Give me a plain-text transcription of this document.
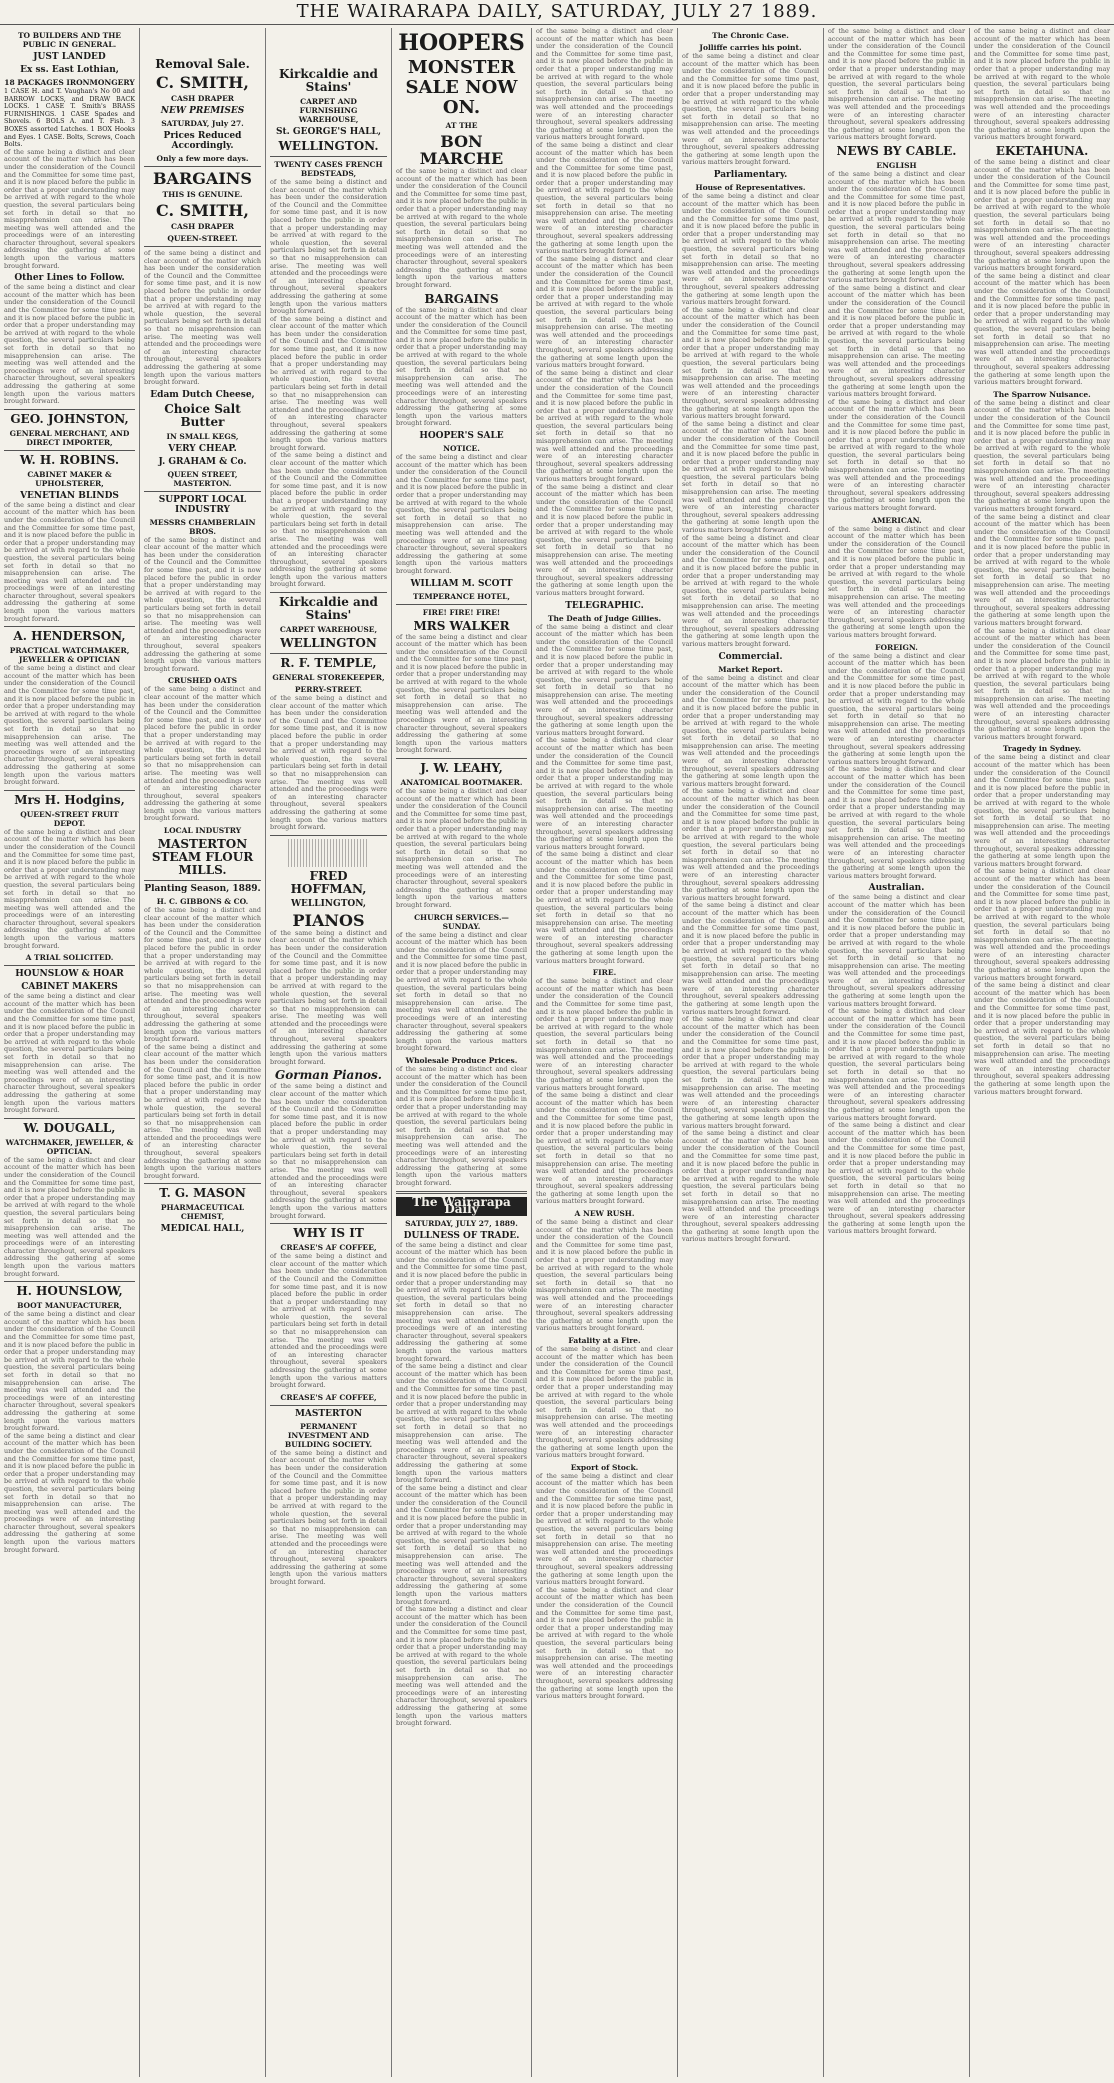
THE WAIRARAPA DAILY, SATURDAY, JULY 27 1889.
TO BUILDERS AND THE PUBLIC IN GENERAL.
JUST LANDED
Ex ss. East Lothian,
18 PACKAGES IRONMONGERY
1 CASE H. and T. Vaughan's No 00 and BARROW LOCKS, and DRAW BACK LOCKS. 1 CASE T. Smith's BRASS FURNISHINGS. 1 CASE Spades and Shovels. 6 BOLS A. and T. Fish. 3 BOXES assorted Latches. 1 BOX Hooks and Eyes. 1 CASE. Bolts, Screws, Coach Bolts.
of the same being a distinct and clear account of the matter which has been under the consideration of the Council and the Committee for some time past, and it is now placed before the public in order that a proper understanding may be arrived at with regard to the whole question, the several particulars being set forth in detail so that no misapprehension can arise. The meeting was well attended and the proceedings were of an interesting character throughout, several speakers addressing the gathering at some length upon the various matters brought forward.
Other Lines to Follow.
of the same being a distinct and clear account of the matter which has been under the consideration of the Council and the Committee for some time past, and it is now placed before the public in order that a proper understanding may be arrived at with regard to the whole question, the several particulars being set forth in detail so that no misapprehension can arise. The meeting was well attended and the proceedings were of an interesting character throughout, several speakers addressing the gathering at some length upon the various matters brought forward.
GEO. JOHNSTON,
GENERAL MERCHANT, AND DIRECT IMPORTER,
W. H. ROBINS.
CABINET MAKER & UPHOLSTERER,
VENETIAN BLINDS
of the same being a distinct and clear account of the matter which has been under the consideration of the Council and the Committee for some time past, and it is now placed before the public in order that a proper understanding may be arrived at with regard to the whole question, the several particulars being set forth in detail so that no misapprehension can arise. The meeting was well attended and the proceedings were of an interesting character throughout, several speakers addressing the gathering at some length upon the various matters brought forward.
A. HENDERSON,
PRACTICAL WATCHMAKER, JEWELLER & OPTICIAN
of the same being a distinct and clear account of the matter which has been under the consideration of the Council and the Committee for some time past, and it is now placed before the public in order that a proper understanding may be arrived at with regard to the whole question, the several particulars being set forth in detail so that no misapprehension can arise. The meeting was well attended and the proceedings were of an interesting character throughout, several speakers addressing the gathering at some length upon the various matters brought forward.
Mrs H. Hodgins,
QUEEN-STREET FRUIT DEPOT.
of the same being a distinct and clear account of the matter which has been under the consideration of the Council and the Committee for some time past, and it is now placed before the public in order that a proper understanding may be arrived at with regard to the whole question, the several particulars being set forth in detail so that no misapprehension can arise. The meeting was well attended and the proceedings were of an interesting character throughout, several speakers addressing the gathering at some length upon the various matters brought forward.
A TRIAL SOLICITED.
HOUNSLOW & HOAR
CABINET MAKERS
of the same being a distinct and clear account of the matter which has been under the consideration of the Council and the Committee for some time past, and it is now placed before the public in order that a proper understanding may be arrived at with regard to the whole question, the several particulars being set forth in detail so that no misapprehension can arise. The meeting was well attended and the proceedings were of an interesting character throughout, several speakers addressing the gathering at some length upon the various matters brought forward.
W. DOUGALL,
WATCHMAKER, JEWELLER, & OPTICIAN.
of the same being a distinct and clear account of the matter which has been under the consideration of the Council and the Committee for some time past, and it is now placed before the public in order that a proper understanding may be arrived at with regard to the whole question, the several particulars being set forth in detail so that no misapprehension can arise. The meeting was well attended and the proceedings were of an interesting character throughout, several speakers addressing the gathering at some length upon the various matters brought forward.
H. HOUNSLOW,
BOOT MANUFACTURER,
of the same being a distinct and clear account of the matter which has been under the consideration of the Council and the Committee for some time past, and it is now placed before the public in order that a proper understanding may be arrived at with regard to the whole question, the several particulars being set forth in detail so that no misapprehension can arise. The meeting was well attended and the proceedings were of an interesting character throughout, several speakers addressing the gathering at some length upon the various matters brought forward.
of the same being a distinct and clear account of the matter which has been under the consideration of the Council and the Committee for some time past, and it is now placed before the public in order that a proper understanding may be arrived at with regard to the whole question, the several particulars being set forth in detail so that no misapprehension can arise. The meeting was well attended and the proceedings were of an interesting character throughout, several speakers addressing the gathering at some length upon the various matters brought forward.
Removal Sale.
C. SMITH,
CASH DRAPER
NEW PREMISES
SATURDAY, July 27.
Prices Reduced Accordingly.
Only a few more days.
BARGAINS
THIS IS GENUINE.
C. SMITH,
CASH DRAPER
QUEEN-STREET.
of the same being a distinct and clear account of the matter which has been under the consideration of the Council and the Committee for some time past, and it is now placed before the public in order that a proper understanding may be arrived at with regard to the whole question, the several particulars being set forth in detail so that no misapprehension can arise. The meeting was well attended and the proceedings were of an interesting character throughout, several speakers addressing the gathering at some length upon the various matters brought forward.
Edam Dutch Cheese,
Choice Salt Butter
IN SMALL KEGS,
VERY CHEAP.
J. GRAHAM & Co.
QUEEN STREET, MASTERTON.
SUPPORT LOCAL INDUSTRY
MESSRS CHAMBERLAIN BROS.
of the same being a distinct and clear account of the matter which has been under the consideration of the Council and the Committee for some time past, and it is now placed before the public in order that a proper understanding may be arrived at with regard to the whole question, the several particulars being set forth in detail so that no misapprehension can arise. The meeting was well attended and the proceedings were of an interesting character throughout, several speakers addressing the gathering at some length upon the various matters brought forward.
CRUSHED OATS
of the same being a distinct and clear account of the matter which has been under the consideration of the Council and the Committee for some time past, and it is now placed before the public in order that a proper understanding may be arrived at with regard to the whole question, the several particulars being set forth in detail so that no misapprehension can arise. The meeting was well attended and the proceedings were of an interesting character throughout, several speakers addressing the gathering at some length upon the various matters brought forward.
LOCAL INDUSTRY
MASTERTON STEAM FLOUR MILLS.
Planting Season, 1889.
H. C. GIBBONS & CO.
of the same being a distinct and clear account of the matter which has been under the consideration of the Council and the Committee for some time past, and it is now placed before the public in order that a proper understanding may be arrived at with regard to the whole question, the several particulars being set forth in detail so that no misapprehension can arise. The meeting was well attended and the proceedings were of an interesting character throughout, several speakers addressing the gathering at some length upon the various matters brought forward.
of the same being a distinct and clear account of the matter which has been under the consideration of the Council and the Committee for some time past, and it is now placed before the public in order that a proper understanding may be arrived at with regard to the whole question, the several particulars being set forth in detail so that no misapprehension can arise. The meeting was well attended and the proceedings were of an interesting character throughout, several speakers addressing the gathering at some length upon the various matters brought forward.
T. G. MASON
PHARMACEUTICAL CHEMIST,
MEDICAL HALL,
Kirkcaldie and Stains'
CARPET AND FURNISHING WAREHOUSE,
St. GEORGE'S HALL,
WELLINGTON.
TWENTY CASES FRENCH BEDSTEADS,
of the same being a distinct and clear account of the matter which has been under the consideration of the Council and the Committee for some time past, and it is now placed before the public in order that a proper understanding may be arrived at with regard to the whole question, the several particulars being set forth in detail so that no misapprehension can arise. The meeting was well attended and the proceedings were of an interesting character throughout, several speakers addressing the gathering at some length upon the various matters brought forward.
of the same being a distinct and clear account of the matter which has been under the consideration of the Council and the Committee for some time past, and it is now placed before the public in order that a proper understanding may be arrived at with regard to the whole question, the several particulars being set forth in detail so that no misapprehension can arise. The meeting was well attended and the proceedings were of an interesting character throughout, several speakers addressing the gathering at some length upon the various matters brought forward.
of the same being a distinct and clear account of the matter which has been under the consideration of the Council and the Committee for some time past, and it is now placed before the public in order that a proper understanding may be arrived at with regard to the whole question, the several particulars being set forth in detail so that no misapprehension can arise. The meeting was well attended and the proceedings were of an interesting character throughout, several speakers addressing the gathering at some length upon the various matters brought forward.
Kirkcaldie and Stains'
CARPET WAREHOUSE,
WELLINGTON
R. F. TEMPLE,
GENERAL STOREKEEPER,
PERRY-STREET.
of the same being a distinct and clear account of the matter which has been under the consideration of the Council and the Committee for some time past, and it is now placed before the public in order that a proper understanding may be arrived at with regard to the whole question, the several particulars being set forth in detail so that no misapprehension can arise. The meeting was well attended and the proceedings were of an interesting character throughout, several speakers addressing the gathering at some length upon the various matters brought forward.
FRED HOFFMAN,
WELLINGTON,
PIANOS
of the same being a distinct and clear account of the matter which has been under the consideration of the Council and the Committee for some time past, and it is now placed before the public in order that a proper understanding may be arrived at with regard to the whole question, the several particulars being set forth in detail so that no misapprehension can arise. The meeting was well attended and the proceedings were of an interesting character throughout, several speakers addressing the gathering at some length upon the various matters brought forward.
Gorman Pianos.
of the same being a distinct and clear account of the matter which has been under the consideration of the Council and the Committee for some time past, and it is now placed before the public in order that a proper understanding may be arrived at with regard to the whole question, the several particulars being set forth in detail so that no misapprehension can arise. The meeting was well attended and the proceedings were of an interesting character throughout, several speakers addressing the gathering at some length upon the various matters brought forward.
WHY IS IT
CREASE'S AF COFFEE,
of the same being a distinct and clear account of the matter which has been under the consideration of the Council and the Committee for some time past, and it is now placed before the public in order that a proper understanding may be arrived at with regard to the whole question, the several particulars being set forth in detail so that no misapprehension can arise. The meeting was well attended and the proceedings were of an interesting character throughout, several speakers addressing the gathering at some length upon the various matters brought forward.
CREASE'S AF COFFEE,
MASTERTON
PERMANENT INVESTMENT AND BUILDING SOCIETY.
of the same being a distinct and clear account of the matter which has been under the consideration of the Council and the Committee for some time past, and it is now placed before the public in order that a proper understanding may be arrived at with regard to the whole question, the several particulars being set forth in detail so that no misapprehension can arise. The meeting was well attended and the proceedings were of an interesting character throughout, several speakers addressing the gathering at some length upon the various matters brought forward.
HOOPERS
MONSTER SALE NOW ON.
AT THE
BON MARCHE
of the same being a distinct and clear account of the matter which has been under the consideration of the Council and the Committee for some time past, and it is now placed before the public in order that a proper understanding may be arrived at with regard to the whole question, the several particulars being set forth in detail so that no misapprehension can arise. The meeting was well attended and the proceedings were of an interesting character throughout, several speakers addressing the gathering at some length upon the various matters brought forward.
BARGAINS
of the same being a distinct and clear account of the matter which has been under the consideration of the Council and the Committee for some time past, and it is now placed before the public in order that a proper understanding may be arrived at with regard to the whole question, the several particulars being set forth in detail so that no misapprehension can arise. The meeting was well attended and the proceedings were of an interesting character throughout, several speakers addressing the gathering at some length upon the various matters brought forward.
HOOPER'S SALE
NOTICE.
of the same being a distinct and clear account of the matter which has been under the consideration of the Council and the Committee for some time past, and it is now placed before the public in order that a proper understanding may be arrived at with regard to the whole question, the several particulars being set forth in detail so that no misapprehension can arise. The meeting was well attended and the proceedings were of an interesting character throughout, several speakers addressing the gathering at some length upon the various matters brought forward.
WILLIAM M. SCOTT
TEMPERANCE HOTEL,
FIRE! FIRE! FIRE!
MRS WALKER
of the same being a distinct and clear account of the matter which has been under the consideration of the Council and the Committee for some time past, and it is now placed before the public in order that a proper understanding may be arrived at with regard to the whole question, the several particulars being set forth in detail so that no misapprehension can arise. The meeting was well attended and the proceedings were of an interesting character throughout, several speakers addressing the gathering at some length upon the various matters brought forward.
J. W. LEAHY,
ANATOMICAL BOOTMAKER.
of the same being a distinct and clear account of the matter which has been under the consideration of the Council and the Committee for some time past, and it is now placed before the public in order that a proper understanding may be arrived at with regard to the whole question, the several particulars being set forth in detail so that no misapprehension can arise. The meeting was well attended and the proceedings were of an interesting character throughout, several speakers addressing the gathering at some length upon the various matters brought forward.
CHURCH SERVICES.—SUNDAY.
of the same being a distinct and clear account of the matter which has been under the consideration of the Council and the Committee for some time past, and it is now placed before the public in order that a proper understanding may be arrived at with regard to the whole question, the several particulars being set forth in detail so that no misapprehension can arise. The meeting was well attended and the proceedings were of an interesting character throughout, several speakers addressing the gathering at some length upon the various matters brought forward.
Wholesale Produce Prices.
of the same being a distinct and clear account of the matter which has been under the consideration of the Council and the Committee for some time past, and it is now placed before the public in order that a proper understanding may be arrived at with regard to the whole question, the several particulars being set forth in detail so that no misapprehension can arise. The meeting was well attended and the proceedings were of an interesting character throughout, several speakers addressing the gathering at some length upon the various matters brought forward.
The Wairarapa Daily
SATURDAY, JULY 27, 1889.
DULLNESS OF TRADE.
of the same being a distinct and clear account of the matter which has been under the consideration of the Council and the Committee for some time past, and it is now placed before the public in order that a proper understanding may be arrived at with regard to the whole question, the several particulars being set forth in detail so that no misapprehension can arise. The meeting was well attended and the proceedings were of an interesting character throughout, several speakers addressing the gathering at some length upon the various matters brought forward.
of the same being a distinct and clear account of the matter which has been under the consideration of the Council and the Committee for some time past, and it is now placed before the public in order that a proper understanding may be arrived at with regard to the whole question, the several particulars being set forth in detail so that no misapprehension can arise. The meeting was well attended and the proceedings were of an interesting character throughout, several speakers addressing the gathering at some length upon the various matters brought forward.
of the same being a distinct and clear account of the matter which has been under the consideration of the Council and the Committee for some time past, and it is now placed before the public in order that a proper understanding may be arrived at with regard to the whole question, the several particulars being set forth in detail so that no misapprehension can arise. The meeting was well attended and the proceedings were of an interesting character throughout, several speakers addressing the gathering at some length upon the various matters brought forward.
of the same being a distinct and clear account of the matter which has been under the consideration of the Council and the Committee for some time past, and it is now placed before the public in order that a proper understanding may be arrived at with regard to the whole question, the several particulars being set forth in detail so that no misapprehension can arise. The meeting was well attended and the proceedings were of an interesting character throughout, several speakers addressing the gathering at some length upon the various matters brought forward.
of the same being a distinct and clear account of the matter which has been under the consideration of the Council and the Committee for some time past, and it is now placed before the public in order that a proper understanding may be arrived at with regard to the whole question, the several particulars being set forth in detail so that no misapprehension can arise. The meeting was well attended and the proceedings were of an interesting character throughout, several speakers addressing the gathering at some length upon the various matters brought forward.
of the same being a distinct and clear account of the matter which has been under the consideration of the Council and the Committee for some time past, and it is now placed before the public in order that a proper understanding may be arrived at with regard to the whole question, the several particulars being set forth in detail so that no misapprehension can arise. The meeting was well attended and the proceedings were of an interesting character throughout, several speakers addressing the gathering at some length upon the various matters brought forward.
of the same being a distinct and clear account of the matter which has been under the consideration of the Council and the Committee for some time past, and it is now placed before the public in order that a proper understanding may be arrived at with regard to the whole question, the several particulars being set forth in detail so that no misapprehension can arise. The meeting was well attended and the proceedings were of an interesting character throughout, several speakers addressing the gathering at some length upon the various matters brought forward.
of the same being a distinct and clear account of the matter which has been under the consideration of the Council and the Committee for some time past, and it is now placed before the public in order that a proper understanding may be arrived at with regard to the whole question, the several particulars being set forth in detail so that no misapprehension can arise. The meeting was well attended and the proceedings were of an interesting character throughout, several speakers addressing the gathering at some length upon the various matters brought forward.
of the same being a distinct and clear account of the matter which has been under the consideration of the Council and the Committee for some time past, and it is now placed before the public in order that a proper understanding may be arrived at with regard to the whole question, the several particulars being set forth in detail so that no misapprehension can arise. The meeting was well attended and the proceedings were of an interesting character throughout, several speakers addressing the gathering at some length upon the various matters brought forward.
TELEGRAPHIC.
The Death of Judge Gillies.
of the same being a distinct and clear account of the matter which has been under the consideration of the Council and the Committee for some time past, and it is now placed before the public in order that a proper understanding may be arrived at with regard to the whole question, the several particulars being set forth in detail so that no misapprehension can arise. The meeting was well attended and the proceedings were of an interesting character throughout, several speakers addressing the gathering at some length upon the various matters brought forward.
of the same being a distinct and clear account of the matter which has been under the consideration of the Council and the Committee for some time past, and it is now placed before the public in order that a proper understanding may be arrived at with regard to the whole question, the several particulars being set forth in detail so that no misapprehension can arise. The meeting was well attended and the proceedings were of an interesting character throughout, several speakers addressing the gathering at some length upon the various matters brought forward.
of the same being a distinct and clear account of the matter which has been under the consideration of the Council and the Committee for some time past, and it is now placed before the public in order that a proper understanding may be arrived at with regard to the whole question, the several particulars being set forth in detail so that no misapprehension can arise. The meeting was well attended and the proceedings were of an interesting character throughout, several speakers addressing the gathering at some length upon the various matters brought forward.
FIRE.
of the same being a distinct and clear account of the matter which has been under the consideration of the Council and the Committee for some time past, and it is now placed before the public in order that a proper understanding may be arrived at with regard to the whole question, the several particulars being set forth in detail so that no misapprehension can arise. The meeting was well attended and the proceedings were of an interesting character throughout, several speakers addressing the gathering at some length upon the various matters brought forward.
of the same being a distinct and clear account of the matter which has been under the consideration of the Council and the Committee for some time past, and it is now placed before the public in order that a proper understanding may be arrived at with regard to the whole question, the several particulars being set forth in detail so that no misapprehension can arise. The meeting was well attended and the proceedings were of an interesting character throughout, several speakers addressing the gathering at some length upon the various matters brought forward.
A NEW RUSH.
of the same being a distinct and clear account of the matter which has been under the consideration of the Council and the Committee for some time past, and it is now placed before the public in order that a proper understanding may be arrived at with regard to the whole question, the several particulars being set forth in detail so that no misapprehension can arise. The meeting was well attended and the proceedings were of an interesting character throughout, several speakers addressing the gathering at some length upon the various matters brought forward.
Fatality at a Fire.
of the same being a distinct and clear account of the matter which has been under the consideration of the Council and the Committee for some time past, and it is now placed before the public in order that a proper understanding may be arrived at with regard to the whole question, the several particulars being set forth in detail so that no misapprehension can arise. The meeting was well attended and the proceedings were of an interesting character throughout, several speakers addressing the gathering at some length upon the various matters brought forward.
Export of Stock.
of the same being a distinct and clear account of the matter which has been under the consideration of the Council and the Committee for some time past, and it is now placed before the public in order that a proper understanding may be arrived at with regard to the whole question, the several particulars being set forth in detail so that no misapprehension can arise. The meeting was well attended and the proceedings were of an interesting character throughout, several speakers addressing the gathering at some length upon the various matters brought forward.
of the same being a distinct and clear account of the matter which has been under the consideration of the Council and the Committee for some time past, and it is now placed before the public in order that a proper understanding may be arrived at with regard to the whole question, the several particulars being set forth in detail so that no misapprehension can arise. The meeting was well attended and the proceedings were of an interesting character throughout, several speakers addressing the gathering at some length upon the various matters brought forward.
The Chronic Case.
Jolliffe carries his point.
of the same being a distinct and clear account of the matter which has been under the consideration of the Council and the Committee for some time past, and it is now placed before the public in order that a proper understanding may be arrived at with regard to the whole question, the several particulars being set forth in detail so that no misapprehension can arise. The meeting was well attended and the proceedings were of an interesting character throughout, several speakers addressing the gathering at some length upon the various matters brought forward.
Parliamentary.
House of Representatives.
of the same being a distinct and clear account of the matter which has been under the consideration of the Council and the Committee for some time past, and it is now placed before the public in order that a proper understanding may be arrived at with regard to the whole question, the several particulars being set forth in detail so that no misapprehension can arise. The meeting was well attended and the proceedings were of an interesting character throughout, several speakers addressing the gathering at some length upon the various matters brought forward.
of the same being a distinct and clear account of the matter which has been under the consideration of the Council and the Committee for some time past, and it is now placed before the public in order that a proper understanding may be arrived at with regard to the whole question, the several particulars being set forth in detail so that no misapprehension can arise. The meeting was well attended and the proceedings were of an interesting character throughout, several speakers addressing the gathering at some length upon the various matters brought forward.
of the same being a distinct and clear account of the matter which has been under the consideration of the Council and the Committee for some time past, and it is now placed before the public in order that a proper understanding may be arrived at with regard to the whole question, the several particulars being set forth in detail so that no misapprehension can arise. The meeting was well attended and the proceedings were of an interesting character throughout, several speakers addressing the gathering at some length upon the various matters brought forward.
of the same being a distinct and clear account of the matter which has been under the consideration of the Council and the Committee for some time past, and it is now placed before the public in order that a proper understanding may be arrived at with regard to the whole question, the several particulars being set forth in detail so that no misapprehension can arise. The meeting was well attended and the proceedings were of an interesting character throughout, several speakers addressing the gathering at some length upon the various matters brought forward.
Commercial.
Market Report.
of the same being a distinct and clear account of the matter which has been under the consideration of the Council and the Committee for some time past, and it is now placed before the public in order that a proper understanding may be arrived at with regard to the whole question, the several particulars being set forth in detail so that no misapprehension can arise. The meeting was well attended and the proceedings were of an interesting character throughout, several speakers addressing the gathering at some length upon the various matters brought forward.
of the same being a distinct and clear account of the matter which has been under the consideration of the Council and the Committee for some time past, and it is now placed before the public in order that a proper understanding may be arrived at with regard to the whole question, the several particulars being set forth in detail so that no misapprehension can arise. The meeting was well attended and the proceedings were of an interesting character throughout, several speakers addressing the gathering at some length upon the various matters brought forward.
of the same being a distinct and clear account of the matter which has been under the consideration of the Council and the Committee for some time past, and it is now placed before the public in order that a proper understanding may be arrived at with regard to the whole question, the several particulars being set forth in detail so that no misapprehension can arise. The meeting was well attended and the proceedings were of an interesting character throughout, several speakers addressing the gathering at some length upon the various matters brought forward.
of the same being a distinct and clear account of the matter which has been under the consideration of the Council and the Committee for some time past, and it is now placed before the public in order that a proper understanding may be arrived at with regard to the whole question, the several particulars being set forth in detail so that no misapprehension can arise. The meeting was well attended and the proceedings were of an interesting character throughout, several speakers addressing the gathering at some length upon the various matters brought forward.
of the same being a distinct and clear account of the matter which has been under the consideration of the Council and the Committee for some time past, and it is now placed before the public in order that a proper understanding may be arrived at with regard to the whole question, the several particulars being set forth in detail so that no misapprehension can arise. The meeting was well attended and the proceedings were of an interesting character throughout, several speakers addressing the gathering at some length upon the various matters brought forward.
of the same being a distinct and clear account of the matter which has been under the consideration of the Council and the Committee for some time past, and it is now placed before the public in order that a proper understanding may be arrived at with regard to the whole question, the several particulars being set forth in detail so that no misapprehension can arise. The meeting was well attended and the proceedings were of an interesting character throughout, several speakers addressing the gathering at some length upon the various matters brought forward.
NEWS BY CABLE.
ENGLISH
of the same being a distinct and clear account of the matter which has been under the consideration of the Council and the Committee for some time past, and it is now placed before the public in order that a proper understanding may be arrived at with regard to the whole question, the several particulars being set forth in detail so that no misapprehension can arise. The meeting was well attended and the proceedings were of an interesting character throughout, several speakers addressing the gathering at some length upon the various matters brought forward.
of the same being a distinct and clear account of the matter which has been under the consideration of the Council and the Committee for some time past, and it is now placed before the public in order that a proper understanding may be arrived at with regard to the whole question, the several particulars being set forth in detail so that no misapprehension can arise. The meeting was well attended and the proceedings were of an interesting character throughout, several speakers addressing the gathering at some length upon the various matters brought forward.
of the same being a distinct and clear account of the matter which has been under the consideration of the Council and the Committee for some time past, and it is now placed before the public in order that a proper understanding may be arrived at with regard to the whole question, the several particulars being set forth in detail so that no misapprehension can arise. The meeting was well attended and the proceedings were of an interesting character throughout, several speakers addressing the gathering at some length upon the various matters brought forward.
AMERICAN.
of the same being a distinct and clear account of the matter which has been under the consideration of the Council and the Committee for some time past, and it is now placed before the public in order that a proper understanding may be arrived at with regard to the whole question, the several particulars being set forth in detail so that no misapprehension can arise. The meeting was well attended and the proceedings were of an interesting character throughout, several speakers addressing the gathering at some length upon the various matters brought forward.
FOREIGN.
of the same being a distinct and clear account of the matter which has been under the consideration of the Council and the Committee for some time past, and it is now placed before the public in order that a proper understanding may be arrived at with regard to the whole question, the several particulars being set forth in detail so that no misapprehension can arise. The meeting was well attended and the proceedings were of an interesting character throughout, several speakers addressing the gathering at some length upon the various matters brought forward.
of the same being a distinct and clear account of the matter which has been under the consideration of the Council and the Committee for some time past, and it is now placed before the public in order that a proper understanding may be arrived at with regard to the whole question, the several particulars being set forth in detail so that no misapprehension can arise. The meeting was well attended and the proceedings were of an interesting character throughout, several speakers addressing the gathering at some length upon the various matters brought forward.
Australian.
of the same being a distinct and clear account of the matter which has been under the consideration of the Council and the Committee for some time past, and it is now placed before the public in order that a proper understanding may be arrived at with regard to the whole question, the several particulars being set forth in detail so that no misapprehension can arise. The meeting was well attended and the proceedings were of an interesting character throughout, several speakers addressing the gathering at some length upon the various matters brought forward.
of the same being a distinct and clear account of the matter which has been under the consideration of the Council and the Committee for some time past, and it is now placed before the public in order that a proper understanding may be arrived at with regard to the whole question, the several particulars being set forth in detail so that no misapprehension can arise. The meeting was well attended and the proceedings were of an interesting character throughout, several speakers addressing the gathering at some length upon the various matters brought forward.
of the same being a distinct and clear account of the matter which has been under the consideration of the Council and the Committee for some time past, and it is now placed before the public in order that a proper understanding may be arrived at with regard to the whole question, the several particulars being set forth in detail so that no misapprehension can arise. The meeting was well attended and the proceedings were of an interesting character throughout, several speakers addressing the gathering at some length upon the various matters brought forward.
of the same being a distinct and clear account of the matter which has been under the consideration of the Council and the Committee for some time past, and it is now placed before the public in order that a proper understanding may be arrived at with regard to the whole question, the several particulars being set forth in detail so that no misapprehension can arise. The meeting was well attended and the proceedings were of an interesting character throughout, several speakers addressing the gathering at some length upon the various matters brought forward.
EKETAHUNA.
of the same being a distinct and clear account of the matter which has been under the consideration of the Council and the Committee for some time past, and it is now placed before the public in order that a proper understanding may be arrived at with regard to the whole question, the several particulars being set forth in detail so that no misapprehension can arise. The meeting was well attended and the proceedings were of an interesting character throughout, several speakers addressing the gathering at some length upon the various matters brought forward.
of the same being a distinct and clear account of the matter which has been under the consideration of the Council and the Committee for some time past, and it is now placed before the public in order that a proper understanding may be arrived at with regard to the whole question, the several particulars being set forth in detail so that no misapprehension can arise. The meeting was well attended and the proceedings were of an interesting character throughout, several speakers addressing the gathering at some length upon the various matters brought forward.
The Sparrow Nuisance.
of the same being a distinct and clear account of the matter which has been under the consideration of the Council and the Committee for some time past, and it is now placed before the public in order that a proper understanding may be arrived at with regard to the whole question, the several particulars being set forth in detail so that no misapprehension can arise. The meeting was well attended and the proceedings were of an interesting character throughout, several speakers addressing the gathering at some length upon the various matters brought forward.
of the same being a distinct and clear account of the matter which has been under the consideration of the Council and the Committee for some time past, and it is now placed before the public in order that a proper understanding may be arrived at with regard to the whole question, the several particulars being set forth in detail so that no misapprehension can arise. The meeting was well attended and the proceedings were of an interesting character throughout, several speakers addressing the gathering at some length upon the various matters brought forward.
of the same being a distinct and clear account of the matter which has been under the consideration of the Council and the Committee for some time past, and it is now placed before the public in order that a proper understanding may be arrived at with regard to the whole question, the several particulars being set forth in detail so that no misapprehension can arise. The meeting was well attended and the proceedings were of an interesting character throughout, several speakers addressing the gathering at some length upon the various matters brought forward.
Tragedy in Sydney.
of the same being a distinct and clear account of the matter which has been under the consideration of the Council and the Committee for some time past, and it is now placed before the public in order that a proper understanding may be arrived at with regard to the whole question, the several particulars being set forth in detail so that no misapprehension can arise. The meeting was well attended and the proceedings were of an interesting character throughout, several speakers addressing the gathering at some length upon the various matters brought forward.
of the same being a distinct and clear account of the matter which has been under the consideration of the Council and the Committee for some time past, and it is now placed before the public in order that a proper understanding may be arrived at with regard to the whole question, the several particulars being set forth in detail so that no misapprehension can arise. The meeting was well attended and the proceedings were of an interesting character throughout, several speakers addressing the gathering at some length upon the various matters brought forward.
of the same being a distinct and clear account of the matter which has been under the consideration of the Council and the Committee for some time past, and it is now placed before the public in order that a proper understanding may be arrived at with regard to the whole question, the several particulars being set forth in detail so that no misapprehension can arise. The meeting was well attended and the proceedings were of an interesting character throughout, several speakers addressing the gathering at some length upon the various matters brought forward.
